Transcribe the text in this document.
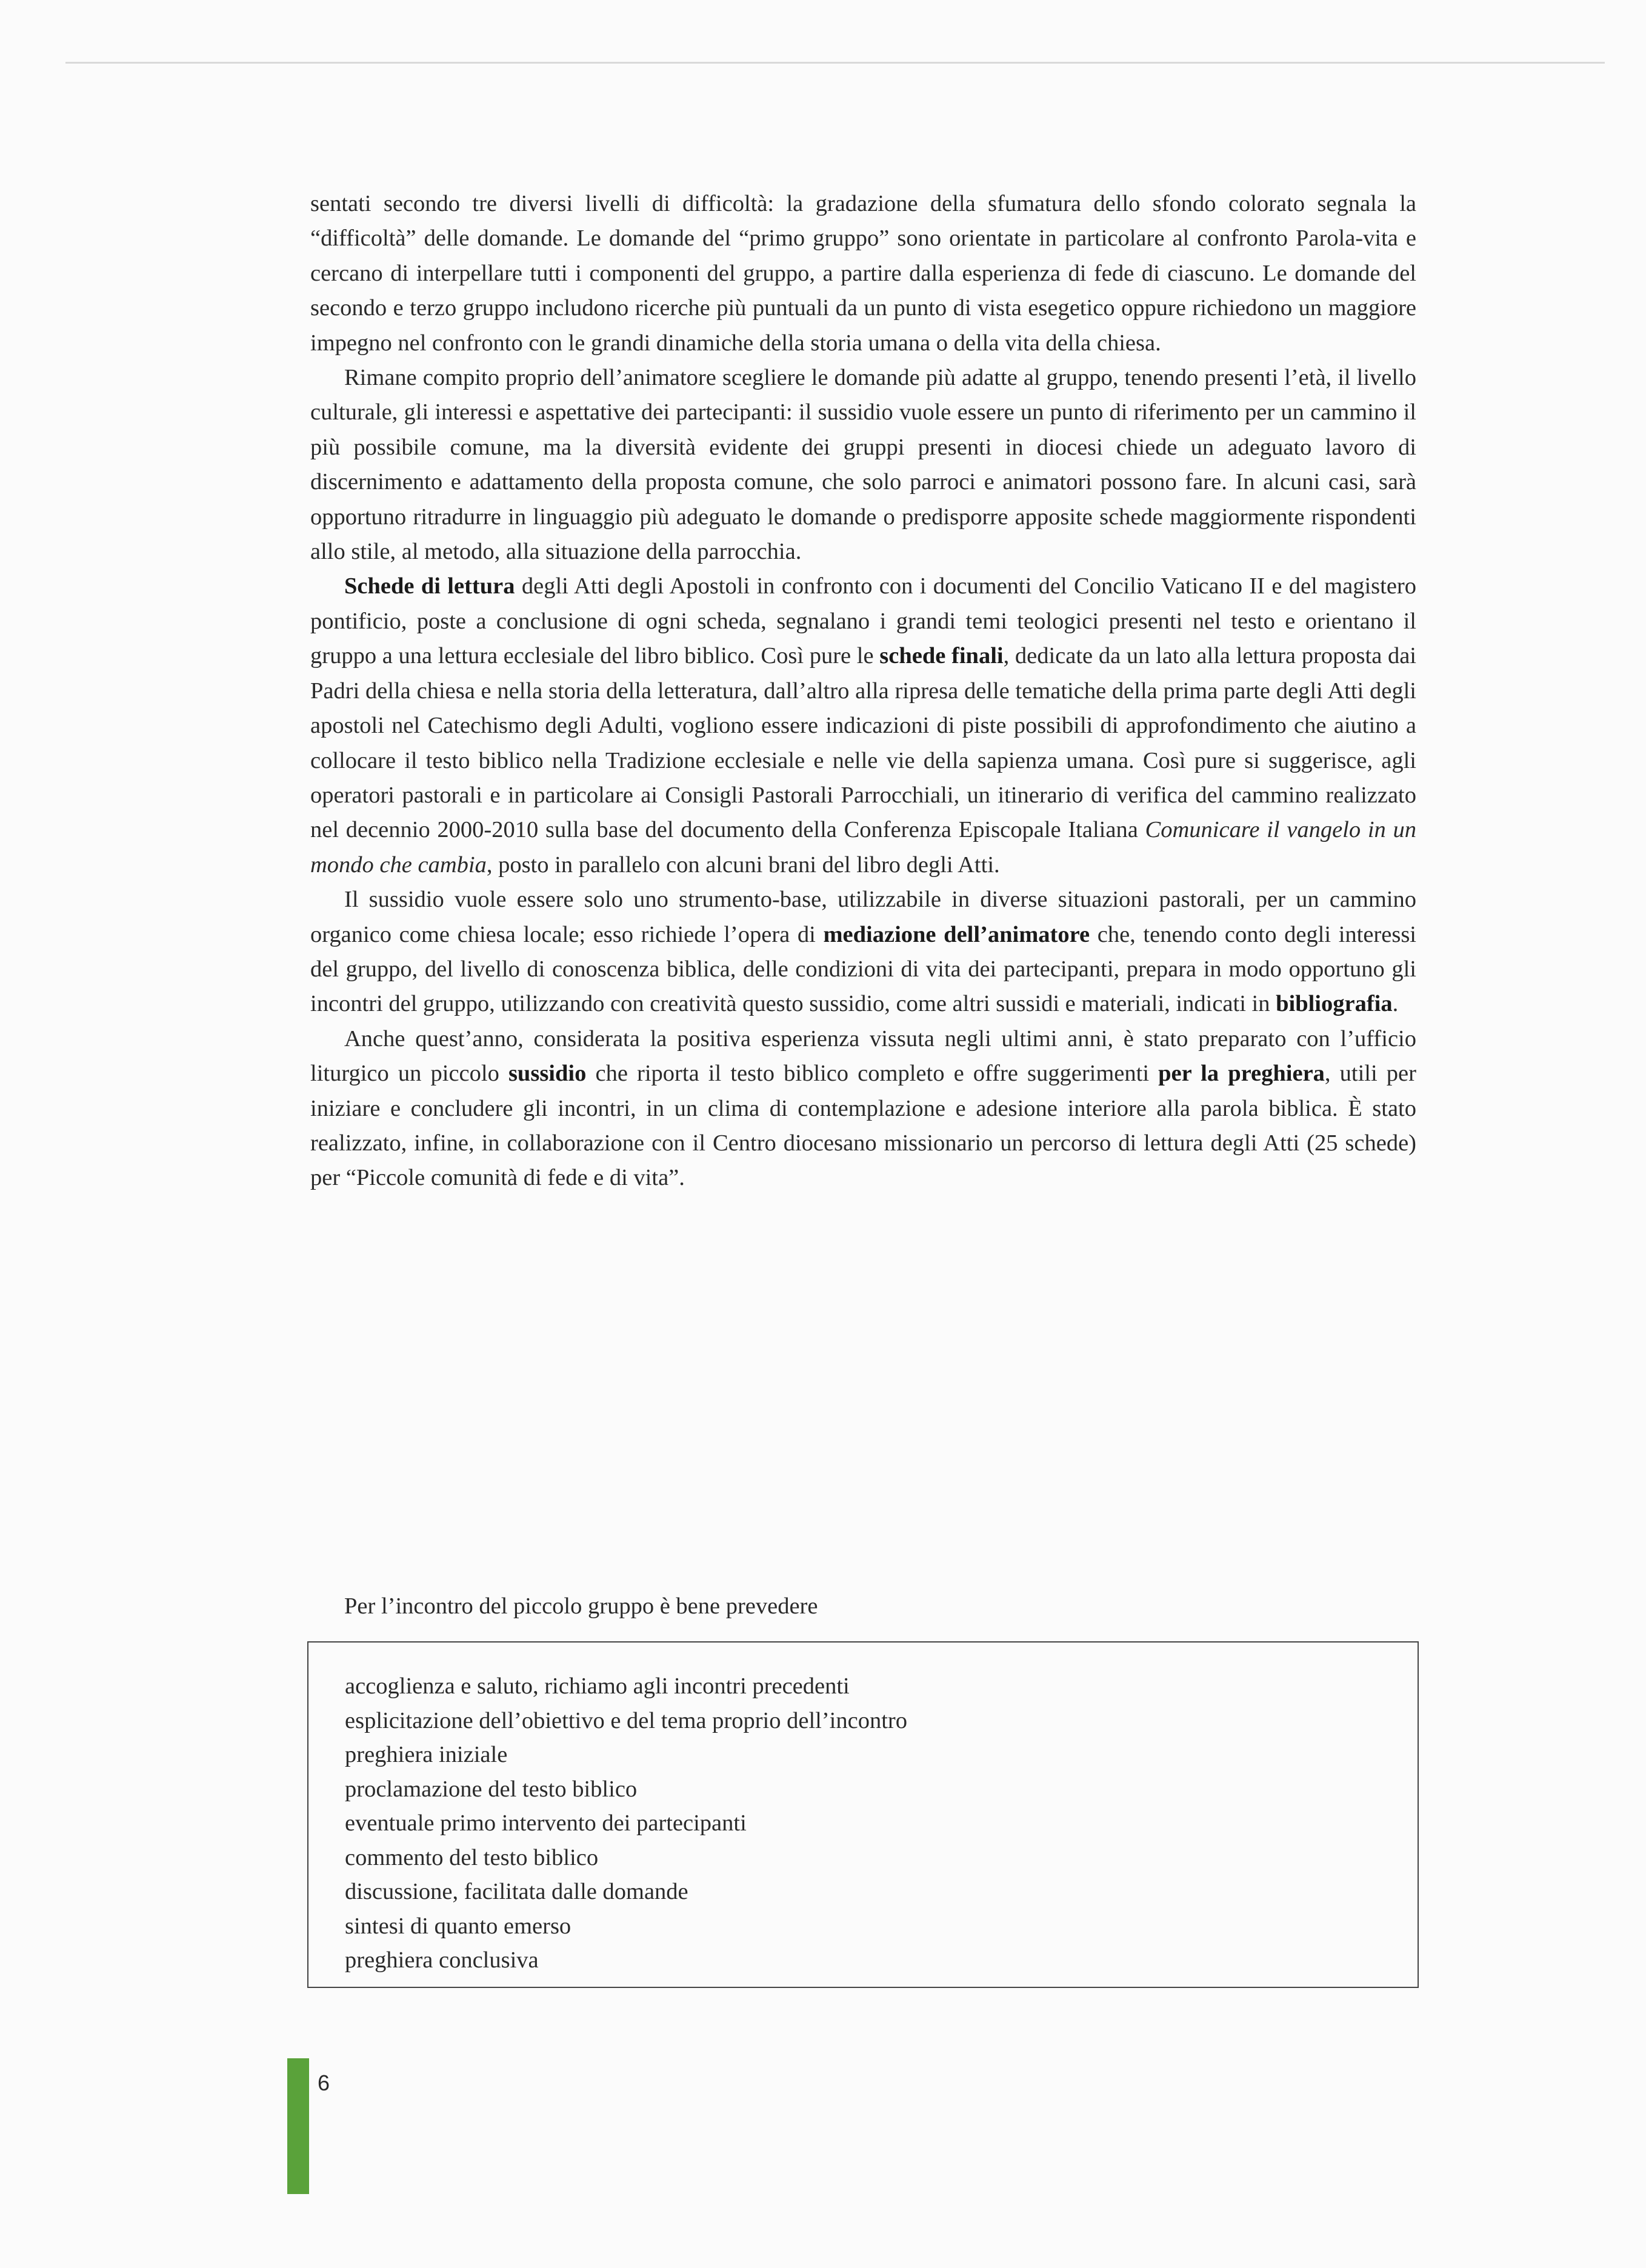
sentati secondo tre diversi livelli di difficoltà: la gradazione della sfumatura dello sfondo colorato segnala la “difficoltà” delle domande. Le domande del “primo gruppo” sono orientate in particolare al confronto Parola-vita e cercano di interpellare tutti i componenti del gruppo, a partire dalla esperienza di fede di ciascuno. Le domande del secondo e terzo gruppo includono ricerche più puntuali da un punto di vista esegetico oppure richiedono un maggiore impegno nel confronto con le grandi dinamiche della storia umana o della vita della chiesa.

Rimane compito proprio dell’animatore scegliere le domande più adatte al gruppo, tenendo presenti l’età, il livello culturale, gli interessi e aspettative dei partecipanti: il sussidio vuole essere un punto di riferimento per un cammino il più possibile comune, ma la diversità evidente dei gruppi presenti in diocesi chiede un adeguato lavoro di discernimento e adattamento della proposta comune, che solo parroci e animatori possono fare. In alcuni casi, sarà opportuno ritradurre in linguaggio più adeguato le domande o predisporre apposite schede maggiormente rispondenti allo stile, al metodo, alla situazione della parrocchia.

Schede di lettura degli Atti degli Apostoli in confronto con i documenti del Concilio Vaticano II e del magistero pontificio, poste a conclusione di ogni scheda, segnalano i grandi temi teologici presenti nel testo e orientano il gruppo a una lettura ecclesiale del libro biblico. Così pure le schede finali, dedicate da un lato alla lettura proposta dai Padri della chiesa e nella storia della letteratura, dall’altro alla ripresa delle tematiche della prima parte degli Atti degli apostoli nel Catechismo degli Adulti, vogliono essere indicazioni di piste possibili di approfondimento che aiutino a collocare il testo biblico nella Tradizione ecclesiale e nelle vie della sapienza umana. Così pure si suggerisce, agli operatori pastorali e in particolare ai Consigli Pastorali Parrocchiali, un itinerario di verifica del cammino realizzato nel decennio 2000-2010 sulla base del documento della Conferenza Episcopale Italiana Comunicare il vangelo in un mondo che cambia, posto in parallelo con alcuni brani del libro degli Atti.

Il sussidio vuole essere solo uno strumento-base, utilizzabile in diverse situazioni pastorali, per un cammino organico come chiesa locale; esso richiede l’opera di mediazione dell’animatore che, tenendo conto degli interessi del gruppo, del livello di conoscenza biblica, delle condizioni di vita dei partecipanti, prepara in modo opportuno gli incontri del gruppo, utilizzando con creatività questo sussidio, come altri sussidi e materiali, indicati in bibliografia.

Anche quest’anno, considerata la positiva esperienza vissuta negli ultimi anni, è stato preparato con l’ufficio liturgico un piccolo sussidio che riporta il testo biblico completo e offre suggerimenti per la preghiera, utili per iniziare e concludere gli incontri, in un clima di contemplazione e adesione interiore alla parola biblica. È stato realizzato, infine, in collaborazione con il Centro diocesano missionario un percorso di lettura degli Atti (25 schede) per “Piccole comunità di fede e di vita”.

Per l’incontro del piccolo gruppo è bene prevedere
accoglienza e saluto, richiamo agli incontri precedenti
esplicitazione dell’obiettivo e del tema proprio dell’incontro
preghiera iniziale
proclamazione del testo biblico
eventuale primo intervento dei partecipanti
commento del testo biblico
discussione, facilitata dalle domande
sintesi di quanto emerso
preghiera conclusiva
6
